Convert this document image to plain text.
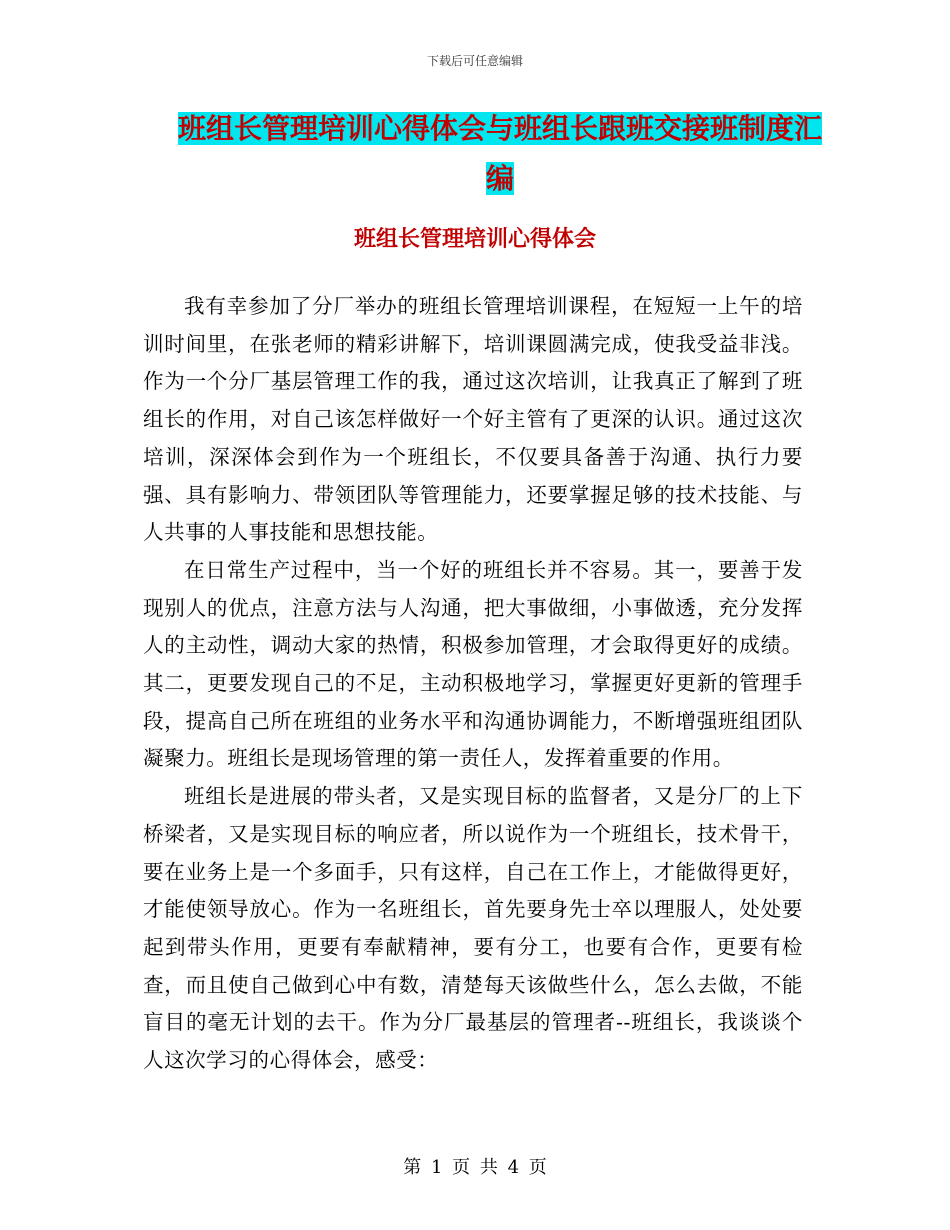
下载后可任意编辑
班组长管理培训心得体会与班组长跟班交接班制度汇
编
班组长管理培训心得体会

我有幸参加了分厂举办的班组长管理培训课程，在短短一上午的培训时间里，在张老师的精彩讲解下，培训课圆满完成，使我受益非浅。作为一个分厂基层管理工作的我，通过这次培训，让我真正了解到了班组长的作用，对自己该怎样做好一个好主管有了更深的认识。通过这次培训，深深体会到作为一个班组长，不仅要具备善于沟通、执行力要强、具有影响力、带领团队等管理能力，还要掌握足够的技术技能、与人共事的人事技能和思想技能。

在日常生产过程中，当一个好的班组长并不容易。其一，要善于发现别人的优点，注意方法与人沟通，把大事做细，小事做透，充分发挥人的主动性，调动大家的热情，积极参加管理，才会取得更好的成绩。其二，更要发现自己的不足，主动积极地学习，掌握更好更新的管理手段，提高自己所在班组的业务水平和沟通协调能力，不断增强班组团队凝聚力。班组长是现场管理的第一责任人，发挥着重要的作用。

班组长是进展的带头者，又是实现目标的监督者，又是分厂的上下桥梁者，又是实现目标的响应者，所以说作为一个班组长，技术骨干，要在业务上是一个多面手，只有这样，自己在工作上，才能做得更好，才能使领导放心。作为一名班组长，首先要身先士卒以理服人，处处要起到带头作用，更要有奉献精神，要有分工，也要有合作，更要有检查，而且使自己做到心中有数，清楚每天该做些什么，怎么去做，不能盲目的毫无计划的去干。作为分厂最基层的管理者--班组长，我谈谈个人这次学习的心得体会，感受：

第 1 页 共 4 页
